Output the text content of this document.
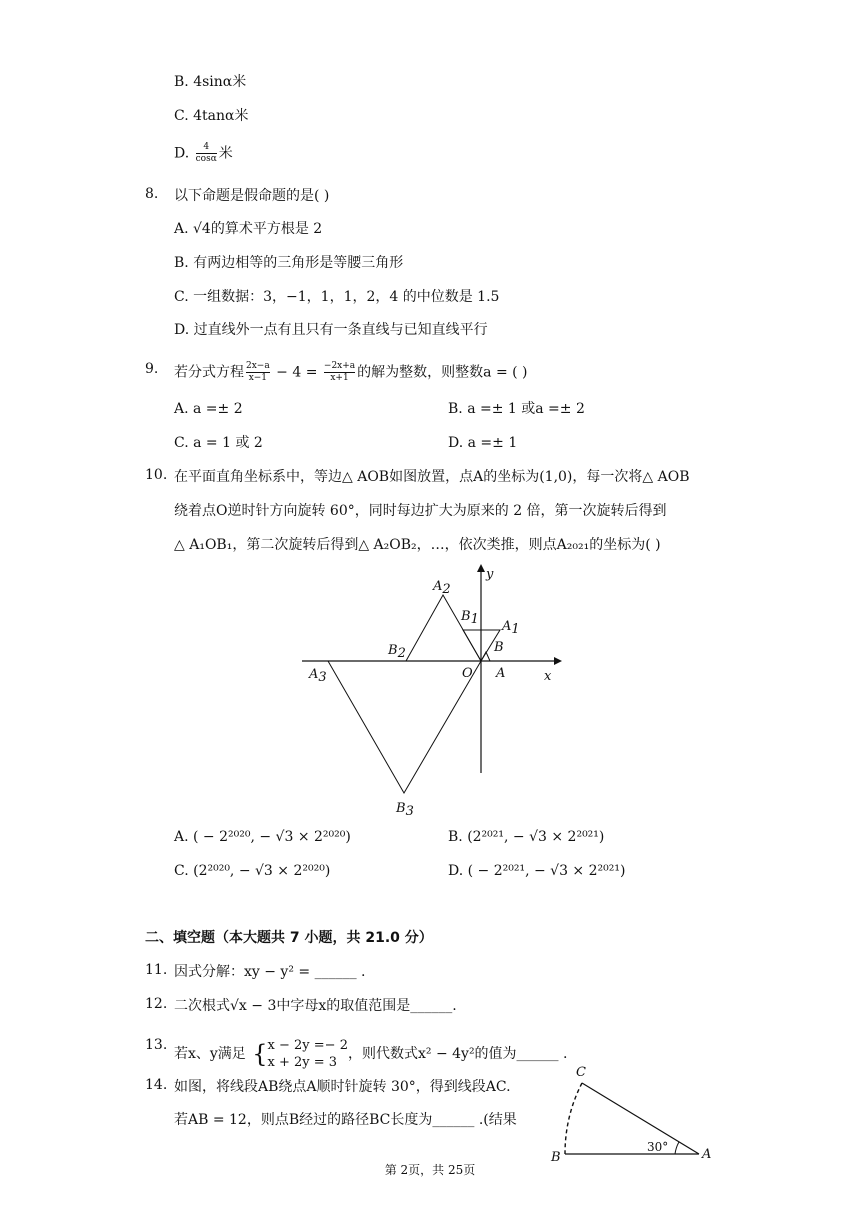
B. 4sinα米
C. 4tanα米
D. $\frac{4}{\cos\alpha}$ 米
8. 以下命题是假命题的是( )
A. √4的算术平方根是 2
B. 有两边相等的三角形是等腰三角形
C. 一组数据：3，−1，1，1，2，4 的中位数是 1.5
D. 过直线外一点有且只有一条直线与已知直线平行
9. 若分式方程 $\frac{2x-a}{x-1} - 4 = \frac{-2x+a}{x+1}$ 的解为整数，则整数a = ( )
A. a =± 2	B. a =± 1 或a =± 2
C. a = 1 或 2	D. a =± 1
10. 在平面直角坐标系中，等边△ AOB如图放置，点A的坐标为(1,0)，每一次将△ AOB
绕着点O逆时针方向旋转 60°，同时每边扩大为原来的 2 倍，第一次旋转后得到
△ A₁OB₁，第二次旋转后得到△ A₂OB₂，…，依次类推，则点A₂₀₂₁的坐标为( )
y
x
O A
B
A1
B1
A2
B2
A3
B3
A. ( − 2²⁰²⁰, − √3 × 2²⁰²⁰)	B. (2²⁰²¹, − √3 × 2²⁰²¹)
C. (2²⁰²⁰, − √3 × 2²⁰²⁰)	D. ( − 2²⁰²¹, − √3 × 2²⁰²¹)
二、填空题（本大题共 7 小题，共 21.0 分）
11. 因式分解：xy − y² = ______ .
12. 二次根式√x − 3中字母x的取值范围是______.
13.
若x、y满足 { x − 2y =− 2
x + 2y = 3
，则代数式x² − 4y²的值为______ .
14. 如图，将线段AB绕点A顺时针旋转 30°，得到线段AC.
若AB = 12，则点B经过的路径BC长度为______ .(结果
C
B	A
30°
第 2页，共 25页
